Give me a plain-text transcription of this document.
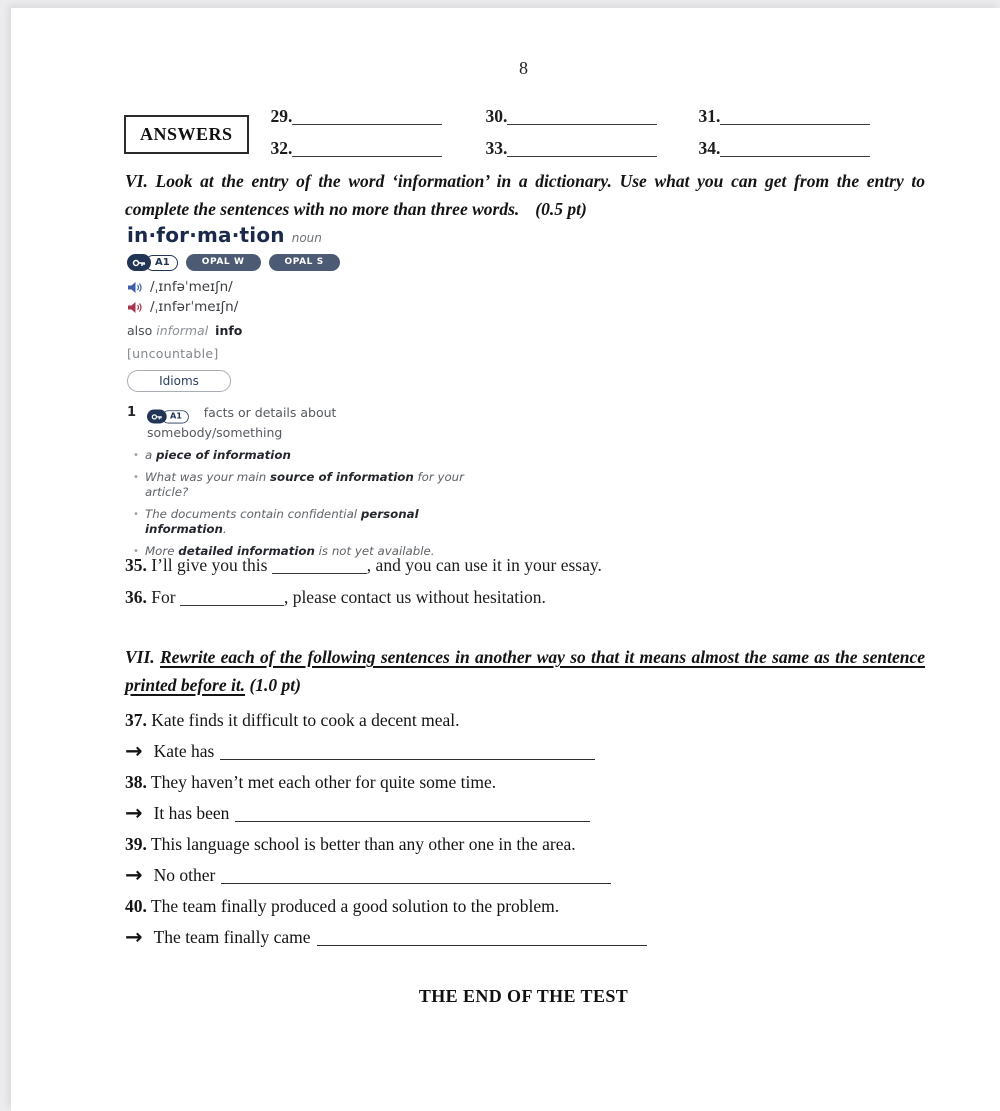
8
ANSWERS
29.	30.	31.
32.	33.	34.
VI. Look at the entry of the word ‘information’ in a dictionary. Use what you can get from the entry to complete the sentences with no more than three words. (0.5 pt)
in·for·ma·tion noun
A1	OPAL W	OPAL S
/ˌɪnfəˈmeɪʃn/
/ˌɪnfərˈmeɪʃn/
also informal info
[uncountable]
Idioms
1	A1	facts or details about somebody/something
• a piece of information
• What was your main source of information for your article?
• The documents contain confidential personal information.
• More detailed information is not yet available.
35. I’ll give you this	, and you can use it in your essay.
36. For	, please contact us without hesitation.
VII. Rewrite each of the following sentences in another way so that it means almost the same as the sentence printed before it. (1.0 pt)
37. Kate finds it difficult to cook a decent meal.
→ Kate has
38. They haven’t met each other for quite some time.
→ It has been
39. This language school is better than any other one in the area.
→ No other
40. The team finally produced a good solution to the problem.
→ The team finally came
THE END OF THE TEST
